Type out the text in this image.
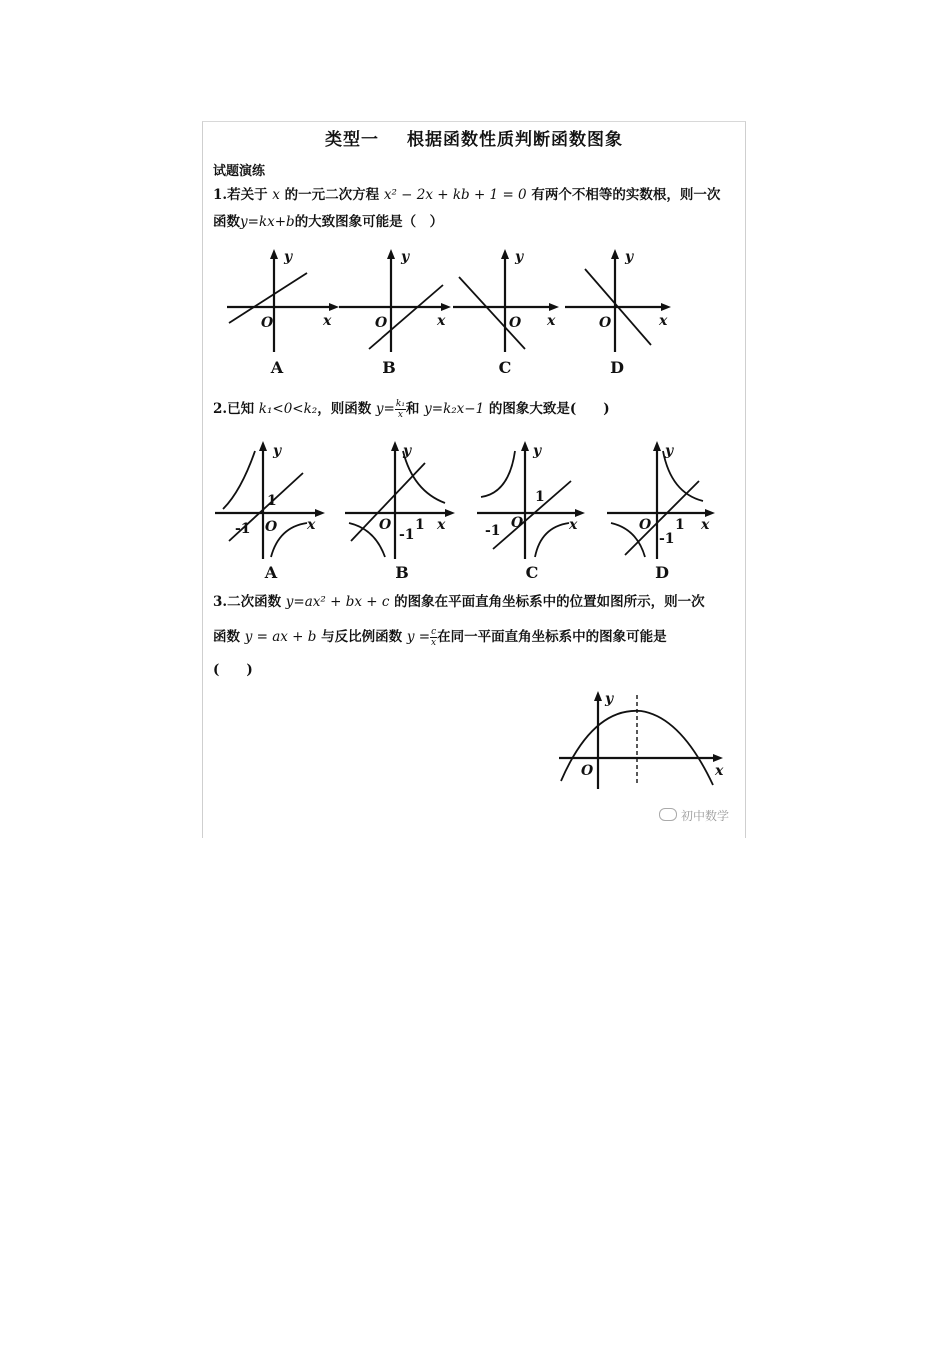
类型一 根据函数性质判断函数图象
试题演练
1.若关于 x 的一元二次方程 x² − 2x + kb + 1 = 0 有两个不相等的实数根，则一次
函数y=kx+b的大致图象可能是（　）
y
x
O
A
y
x
O
B
y
x
O
C
y
x
O
D
2.已知 k₁<0<k₂，则函数 $y= \frac{\text{k₁}}{x}$ 和 y=k₂x−1 的图象大致是(　　)
y
x
1
-1 O
A
y
x
1
-1
O
B
y
x
1
-1 O
C
y
x
1
-1
O
D
3.二次函数 y=ax² + bx + c 的图象在平面直角坐标系中的位置如图所示，则一次
函数 y = ax + b 与反比例函数 $y = \frac{c}{x}$ 在同一平面直角坐标系中的图象可能是
(　　)
y
x
O
初中数学
